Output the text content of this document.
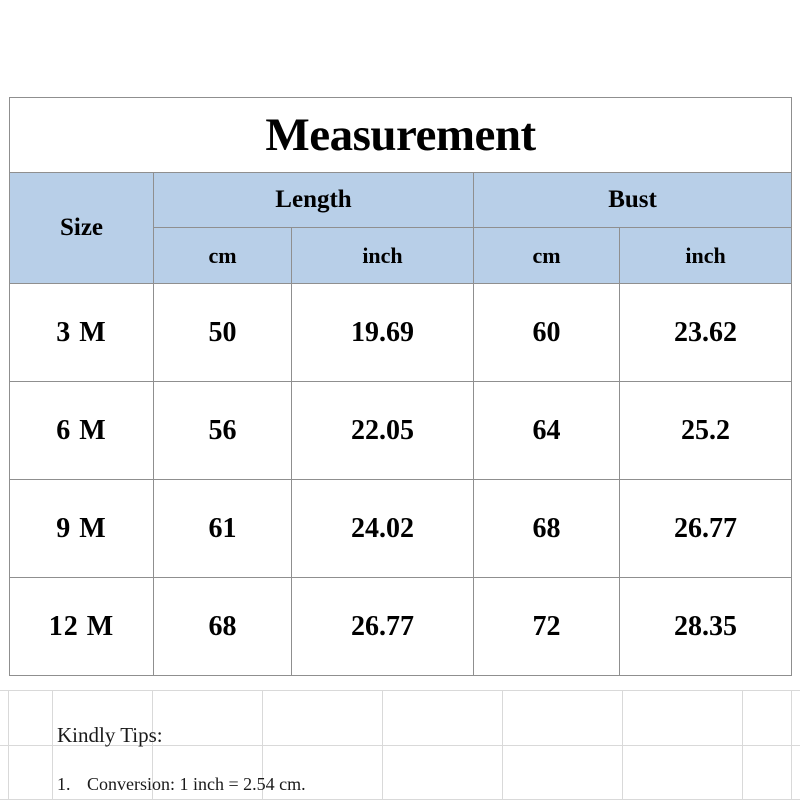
Measurement				
Size	Length		Bust	
	cm	inch	cm	inch
3 M	50	19.69	60	23.62
6 M	56	22.05	64	25.2
9 M	61	24.02	68	26.77
12 M	68	26.77	72	28.35
Kindly Tips:
1. Conversion: 1 inch = 2.54 cm.
